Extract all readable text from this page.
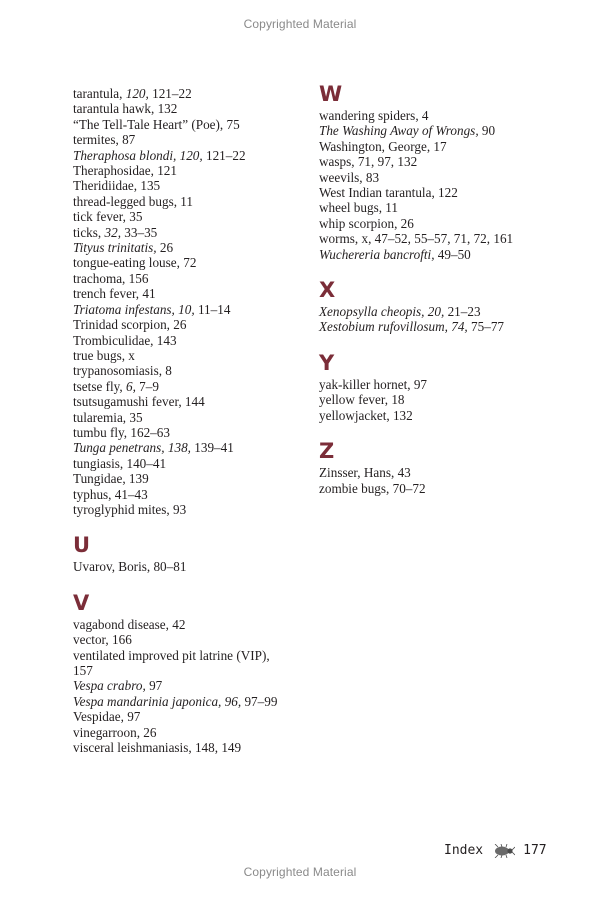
Copyrighted Material
tarantula, 120, 121–22
tarantula hawk, 132
“The Tell-Tale Heart” (Poe), 75
termites, 87
Theraphosa blondi, 120, 121–22
Theraphosidae, 121
Theridiidae, 135
thread-legged bugs, 11
tick fever, 35
ticks, 32, 33–35
Tityus trinitatis, 26
tongue-eating louse, 72
trachoma, 156
trench fever, 41
Triatoma infestans, 10, 11–14
Trinidad scorpion, 26
Trombiculidae, 143
true bugs, x
trypanosomiasis, 8
tsetse fly, 6, 7–9
tsutsugamushi fever, 144
tularemia, 35
tumbu fly, 162–63
Tunga penetrans, 138, 139–41
tungiasis, 140–41
Tungidae, 139
typhus, 41–43
tyroglyphid mites, 93
U
Uvarov, Boris, 80–81
V
vagabond disease, 42
vector, 166
ventilated improved pit latrine (VIP),
157
Vespa crabro, 97
Vespa mandarinia japonica, 96, 97–99
Vespidae, 97
vinegarroon, 26
visceral leishmaniasis, 148, 149
W
wandering spiders, 4
The Washing Away of Wrongs, 90
Washington, George, 17
wasps, 71, 97, 132
weevils, 83
West Indian tarantula, 122
wheel bugs, 11
whip scorpion, 26
worms, x, 47–52, 55–57, 71, 72, 161
Wuchereria bancrofti, 49–50
X
Xenopsylla cheopis, 20, 21–23
Xestobium rufovillosum, 74, 75–77
Y
yak-killer hornet, 97
yellow fever, 18
yellowjacket, 132
Z
Zinsser, Hans, 43
zombie bugs, 70–72
Index	177
Copyrighted Material
